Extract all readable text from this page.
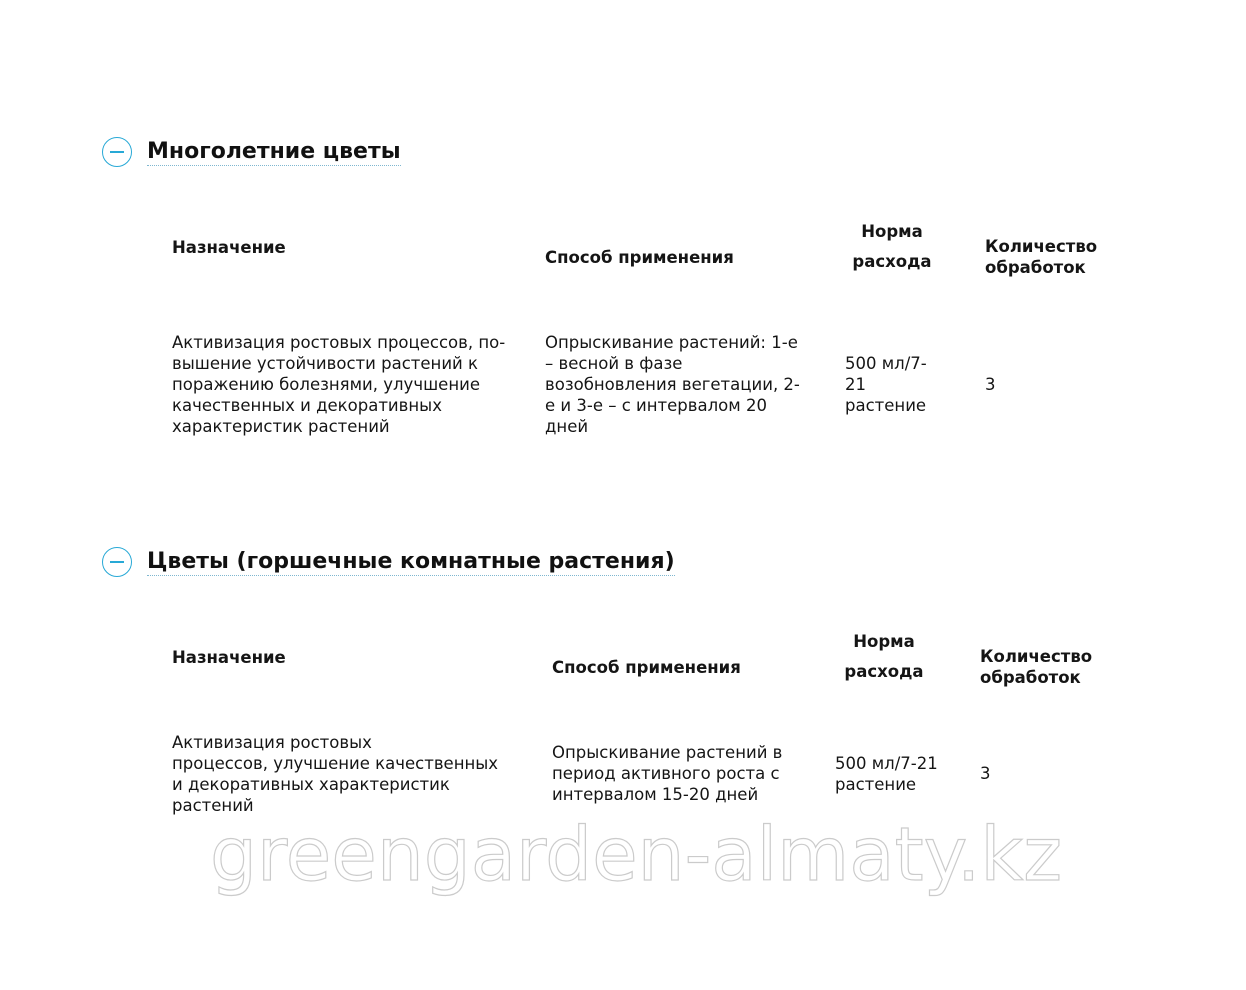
Многолетние цветы
Назначение
Способ применения
Норма
расхода
Количество
обработок
Активизация ростовых процессов, по-
вышение устойчивости растений к
поражению болезнями, улучшение
качественных и декоративных
характеристик растений
Опрыскивание растений: 1-е
– весной в фазе
возобновления вегетации, 2-
е и 3-е – с интервалом 20
дней
500 мл/7-
21
растение
3
Цветы (горшечные комнатные растения)
Назначение
Способ применения
Норма
расхода
Количество
обработок
Активизация ростовых
процессов, улучшение качественных
и декоративных характеристик
растений
Опрыскивание растений в
период активного роста с
интервалом 15-20 дней
500 мл/7-21
растение
3
greengarden-almaty.kz
